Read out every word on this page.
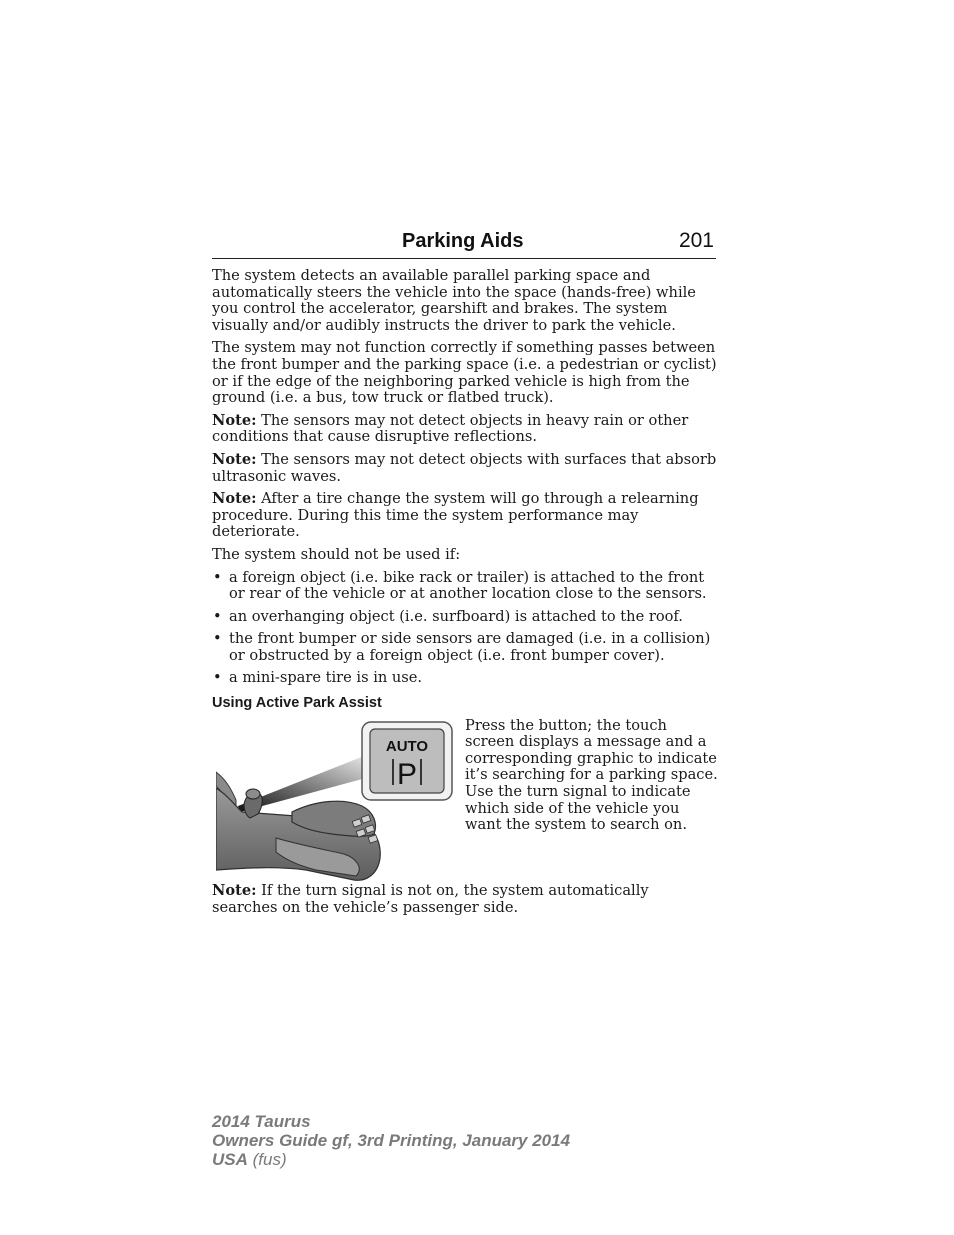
Parking Aids	201

The system detects an available parallel parking space and automatically steers the vehicle into the space (hands-free) while you control the accelerator, gearshift and brakes. The system visually and/or audibly instructs the driver to park the vehicle.

The system may not function correctly if something passes between the front bumper and the parking space (i.e. a pedestrian or cyclist) or if the edge of the neighboring parked vehicle is high from the ground (i.e. a bus, tow truck or flatbed truck).

Note: The sensors may not detect objects in heavy rain or other conditions that cause disruptive reflections.

Note: The sensors may not detect objects with surfaces that absorb ultrasonic waves.

Note: After a tire change the system will go through a relearning procedure. During this time the system performance may deteriorate.

The system should not be used if:

• a foreign object (i.e. bike rack or trailer) is attached to the front or rear of the vehicle or at another location close to the sensors.
• an overhanging object (i.e. surfboard) is attached to the roof.
• the front bumper or side sensors are damaged (i.e. in a collision) or obstructed by a foreign object (i.e. front bumper cover).
• a mini-spare tire is in use.
Using Active Park Assist
AUTO
P
Press the button; the touch screen displays a message and a corresponding graphic to indicate it’s searching for a parking space. Use the turn signal to indicate which side of the vehicle you want the system to search on.
Note: If the turn signal is not on, the system automatically searches on the vehicle’s passenger side.
2014 Taurus
Owners Guide gf, 3rd Printing, January 2014
USA (fus)
